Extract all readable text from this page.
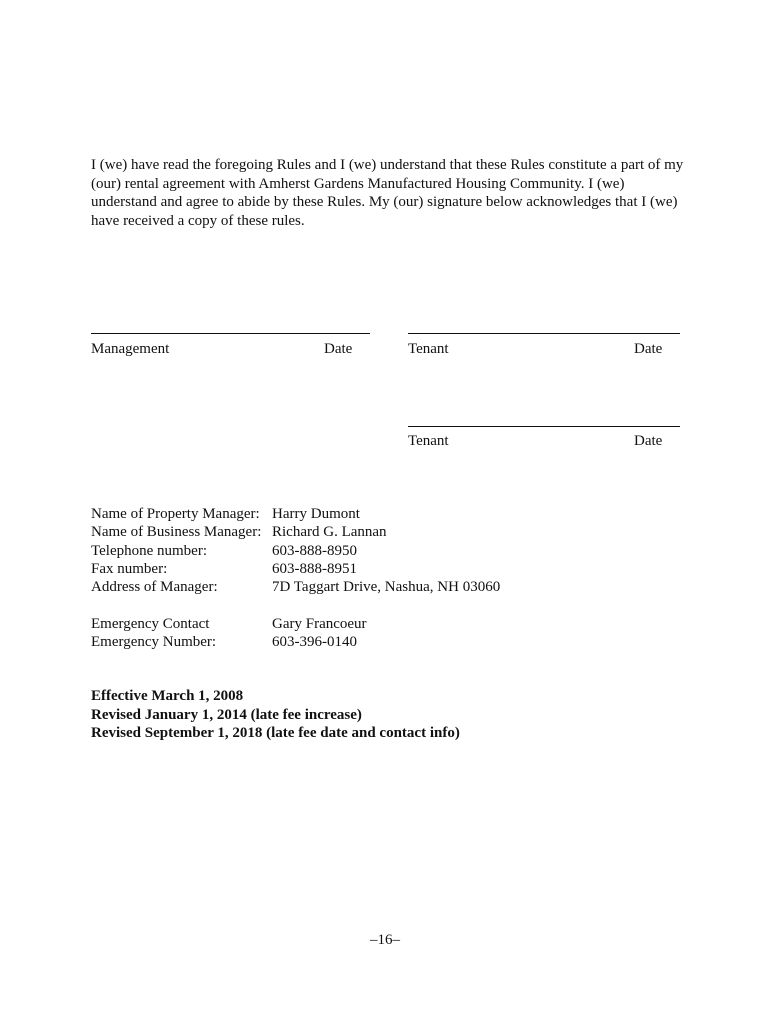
I (we) have read the foregoing Rules and I (we) understand that these Rules constitute a part of my (our) rental agreement with Amherst Gardens Manufactured Housing Community. I (we) understand and agree to abide by these Rules. My (our) signature below acknowledges that I (we) have received a copy of these rules.

Management	Date	Tenant	Date
Tenant	Date
Name of Property Manager: Harry Dumont
Name of Business Manager: Richard G. Lannan
Telephone number:	603-888-8950
Fax number:	603-888-8951
Address of Manager:	7D Taggart Drive, Nashua, NH 03060
Emergency Contact	Gary Francoeur
Emergency Number:	603-396-0140
Effective March 1, 2008
Revised January 1, 2014 (late fee increase)
Revised September 1, 2018 (late fee date and contact info)
–16–
